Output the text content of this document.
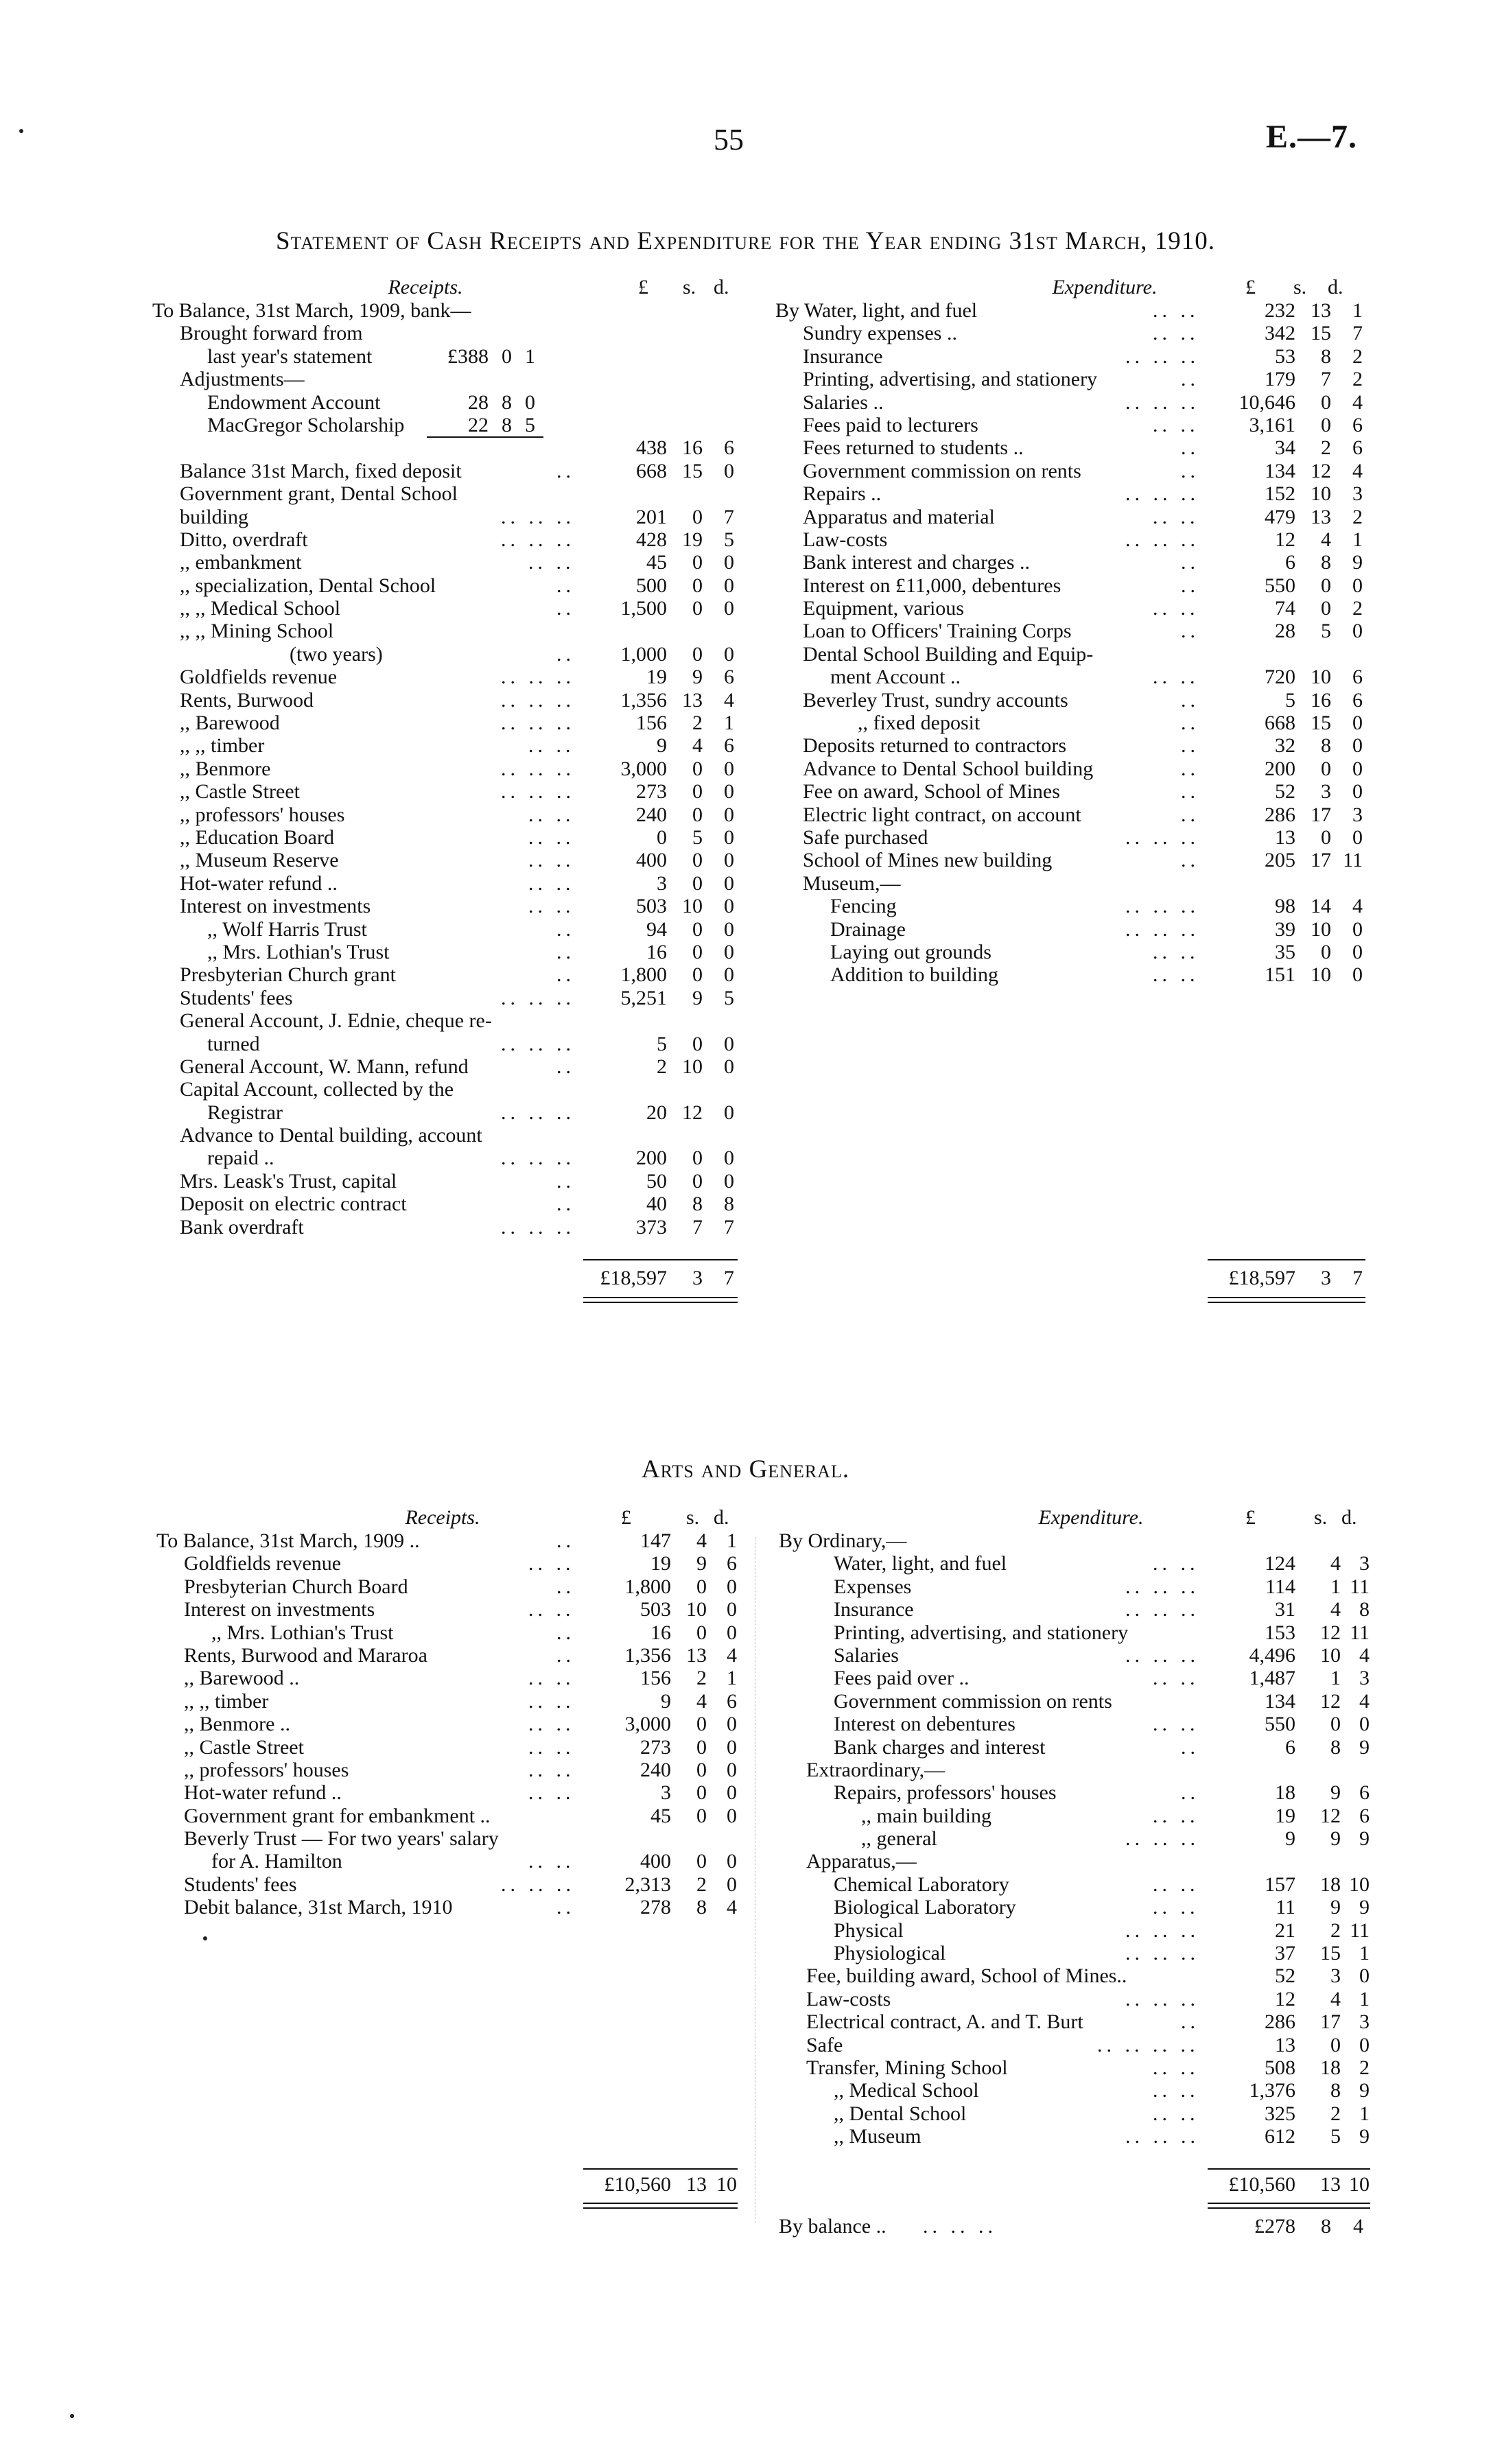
55	E.—7.
Statement of Cash Receipts and Expenditure for the Year ending 31st March, 1910.
Receipts.	£ s. d.	Expenditure.	£ s. d.
To Balance, 31st March, 1909, bank—
Brought forward from
last year's statement	£388 0 1
Adjustments—
Endowment Account	28 8 0
MacGregor Scholarship	22 8 5
438 16	6
Balance 31st March, fixed deposit	..	668 15	0
Government grant, Dental School
building	.. .. ..	201	0	7
Ditto, overdraft	.. .. ..	428 19	5
,, embankment	.. ..	45	0	0
,, specialization, Dental School	..	500	0	0
,, ,, Medical School	..	1,500	0	0
,, ,, Mining School
(two years)	..	1,000	0	0
Goldfields revenue	.. .. ..	19	9	6
Rents, Burwood	.. .. ..	1,356 13	4
,, Barewood	.. .. ..	156	2	1
,, ,, timber	.. ..	9	4	6
,, Benmore	.. .. ..	3,000	0	0
,, Castle Street	.. .. ..	273	0	0
,, professors' houses	.. ..	240	0	0
,, Education Board	.. ..	0	5	0
,, Museum Reserve	.. ..	400	0	0
Hot-water refund ..	.. ..	3	0	0
Interest on investments	.. ..	503 10	0
,, Wolf Harris Trust	..	94	0	0
,, Mrs. Lothian's Trust	..	16	0	0
Presbyterian Church grant	..	1,800	0	0
Students' fees	.. .. ..	5,251	9	5
General Account, J. Ednie, cheque re-
turned	.. .. ..	5	0	0
General Account, W. Mann, refund	..	2 10	0
Capital Account, collected by the
Registrar	.. .. ..	20 12	0
Advance to Dental building, account
repaid ..	.. .. ..	200	0	0
Mrs. Leask's Trust, capital	..	50	0	0
Deposit on electric contract	..	40	8	8
Bank overdraft	.. .. ..	373	7	7
By Water, light, and fuel	.. ..	232 13	1
Sundry expenses ..	.. ..	342 15	7
Insurance	.. .. ..	53	8	2
Printing, advertising, and stationery	..	179	7	2
Salaries ..	.. .. ..	10,646	0	4
Fees paid to lecturers	.. ..	3,161	0	6
Fees returned to students ..	..	34	2	6
Government commission on rents	..	134 12	4
Repairs ..	.. .. ..	152 10	3
Apparatus and material	.. ..	479 13	2
Law-costs	.. .. ..	12	4	1
Bank interest and charges ..	..	6	8	9
Interest on £11,000, debentures	..	550	0	0
Equipment, various	.. ..	74	0	2
Loan to Officers' Training Corps	..	28	5	0
Dental School Building and Equip-
ment Account ..	.. ..	720 10	6
Beverley Trust, sundry accounts	..	5 16	6
,, fixed deposit	..	668 15	0
Deposits returned to contractors	..	32	8	0
Advance to Dental School building	..	200	0	0
Fee on award, School of Mines	..	52	3	0
Electric light contract, on account	..	286 17	3
Safe purchased	.. .. ..	13	0	0
School of Mines new building	..	205 17 11
Museum,—
Fencing	.. .. ..	98 14	4
Drainage	.. .. ..	39 10	0
Laying out grounds	.. ..	35	0	0
Addition to building	.. ..	151 10	0
£18,597	3	7	£18,597	3	7
Arts and General.
Receipts.	£	s. d.	Expenditure.	£	s. d.
To Balance, 31st March, 1909 ..	..	147	4 1
Goldfields revenue	.. ..	19	9 6
Presbyterian Church Board	..	1,800	0 0
Interest on investments	.. ..	503 10 0
,, Mrs. Lothian's Trust	..	16	0 0
Rents, Burwood and Mararoa	..	1,356 13 4
,, Barewood ..	.. ..	156	2 1
,, ,, timber	.. ..	9	4 6
,, Benmore ..	.. ..	3,000	0 0
,, Castle Street	.. ..	273	0 0
,, professors' houses	.. ..	240	0 0
Hot-water refund ..	.. ..	3	0 0
Government grant for embankment ..	45	0 0
Beverly Trust — For two years' salary
for A. Hamilton	.. ..	400	0 0
Students' fees	.. .. ..	2,313	2 0
Debit balance, 31st March, 1910	..	278	8 4
By Ordinary,—
Water, light, and fuel	.. ..	124	4 3
Expenses	.. .. ..	114	1 11
Insurance	.. .. ..	31	4 8
Printing, advertising, and stationery	153	12 11
Salaries	.. .. ..	4,496	10 4
Fees paid over ..	.. ..	1,487	1 3
Government commission on rents	134	12 4
Interest on debentures	.. ..	550	0 0
Bank charges and interest	..	6	8 9
Extraordinary,—
Repairs, professors' houses	..	18	9 6
,, main building	.. ..	19	12 6
,, general	.. .. ..	9	9 9
Apparatus,—
Chemical Laboratory	.. ..	157	18 10
Biological Laboratory	.. ..	11	9 9
Physical	.. .. ..	21	2 11
Physiological	.. .. ..	37	15 1
Fee, building award, School of Mines..	52	3 0
Law-costs	.. .. ..	12	4 1
Electrical contract, A. and T. Burt	..	286	17 3
Safe	.. .. .. ..	13	0 0
Transfer, Mining School	.. ..	508	18 2
,, Medical School	.. ..	1,376	8 9
,, Dental School	.. ..	325	2 1
,, Museum	.. .. ..	612	5 9
£10,560 13 10	£10,560	13 10
By balance .. .. .. ..	£278	8	4
